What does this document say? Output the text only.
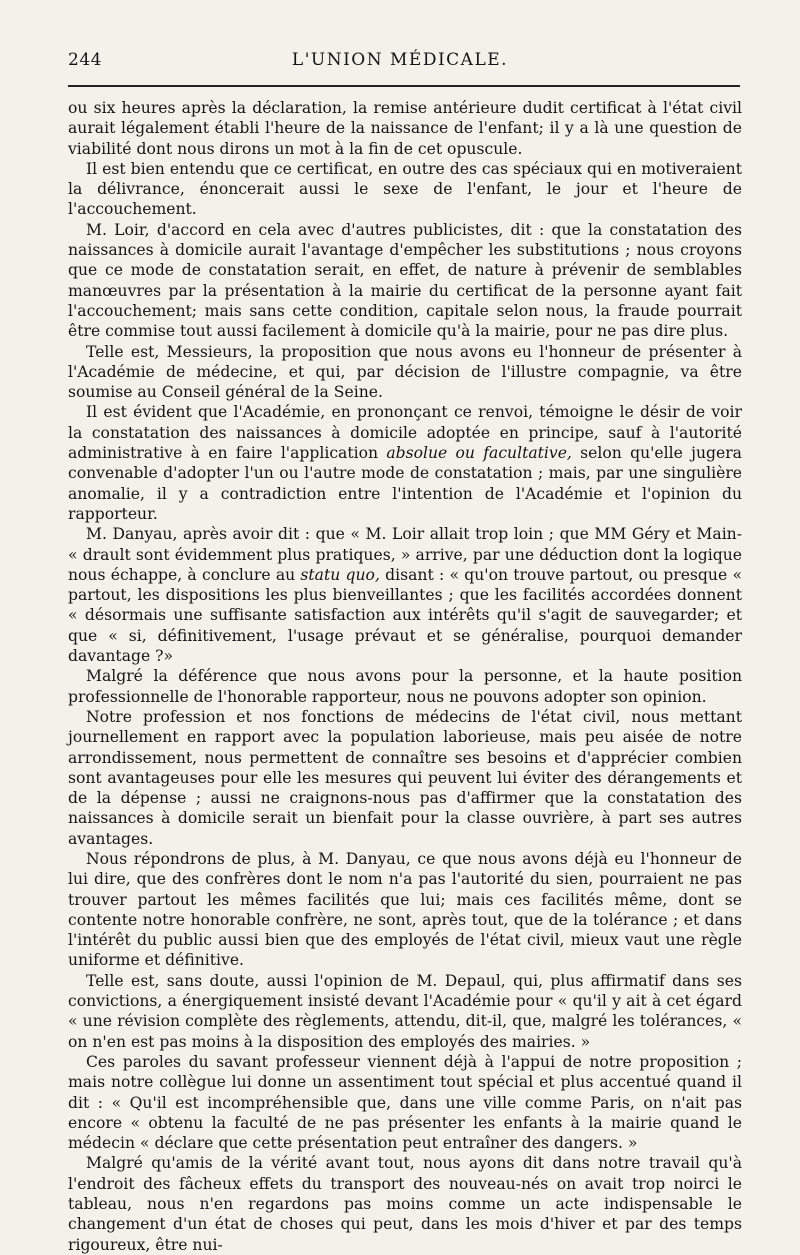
244	L'UNION MÉDICALE.

ou six heures après la déclaration, la remise antérieure dudit certificat à l'état civil aurait légalement établi l'heure de la naissance de l'enfant; il y a là une question de viabilité dont nous dirons un mot à la fin de cet opuscule.

Il est bien entendu que ce certificat, en outre des cas spéciaux qui en motiveraient la délivrance, énoncerait aussi le sexe de l'enfant, le jour et l'heure de l'accouchement.

M. Loir, d'accord en cela avec d'autres publicistes, dit : que la constatation des naissances à domicile aurait l'avantage d'empêcher les substitutions ; nous croyons que ce mode de constatation serait, en effet, de nature à prévenir de semblables manœuvres par la présentation à la mairie du certificat de la personne ayant fait l'accouchement; mais sans cette condition, capitale selon nous, la fraude pourrait être commise tout aussi facilement à domicile qu'à la mairie, pour ne pas dire plus.

Telle est, Messieurs, la proposition que nous avons eu l'honneur de présenter à l'Académie de médecine, et qui, par décision de l'illustre compagnie, va être soumise au Conseil général de la Seine.

Il est évident que l'Académie, en prononçant ce renvoi, témoigne le désir de voir la constatation des naissances à domicile adoptée en principe, sauf à l'autorité administrative à en faire l'application absolue ou facultative, selon qu'elle jugera convenable d'adopter l'un ou l'autre mode de constatation ; mais, par une singulière anomalie, il y a contradiction entre l'intention de l'Académie et l'opinion du rapporteur.

M. Danyau, après avoir dit : que « M. Loir allait trop loin ; que MM Géry et Main- « drault sont évidemment plus pratiques, » arrive, par une déduction dont la logique nous échappe, à conclure au statu quo, disant : « qu'on trouve partout, ou presque « partout, les dispositions les plus bienveillantes ; que les facilités accordées donnent « désormais une suffisante satisfaction aux intérêts qu'il s'agit de sauvegarder; et que « si, définitivement, l'usage prévaut et se généralise, pourquoi demander davantage ?»

Malgré la déférence que nous avons pour la personne, et la haute position professionnelle de l'honorable rapporteur, nous ne pouvons adopter son opinion.

Notre profession et nos fonctions de médecins de l'état civil, nous mettant journellement en rapport avec la population laborieuse, mais peu aisée de notre arrondissement, nous permettent de connaître ses besoins et d'apprécier combien sont avantageuses pour elle les mesures qui peuvent lui éviter des dérangements et de la dépense ; aussi ne craignons-nous pas d'affirmer que la constatation des naissances à domicile serait un bienfait pour la classe ouvrière, à part ses autres avantages.

Nous répondrons de plus, à M. Danyau, ce que nous avons déjà eu l'honneur de lui dire, que des confrères dont le nom n'a pas l'autorité du sien, pourraient ne pas trouver partout les mêmes facilités que lui; mais ces facilités même, dont se contente notre honorable confrère, ne sont, après tout, que de la tolérance ; et dans l'intérêt du public aussi bien que des employés de l'état civil, mieux vaut une règle uniforme et définitive.

Telle est, sans doute, aussi l'opinion de M. Depaul, qui, plus affirmatif dans ses convictions, a énergiquement insisté devant l'Académie pour « qu'il y ait à cet égard « une révision complète des règlements, attendu, dit-il, que, malgré les tolérances, « on n'en est pas moins à la disposition des employés des mairies. »

Ces paroles du savant professeur viennent déjà à l'appui de notre proposition ; mais notre collègue lui donne un assentiment tout spécial et plus accentué quand il dit : « Qu'il est incompréhensible que, dans une ville comme Paris, on n'ait pas encore « obtenu la faculté de ne pas présenter les enfants à la mairie quand le médecin « déclare que cette présentation peut entraîner des dangers. »

Malgré qu'amis de la vérité avant tout, nous ayons dit dans notre travail qu'à l'endroit des fâcheux effets du transport des nouveau-nés on avait trop noirci le tableau, nous n'en regardons pas moins comme un acte indispensable le changement d'un état de choses qui peut, dans les mois d'hiver et par des temps rigoureux, être nui-
